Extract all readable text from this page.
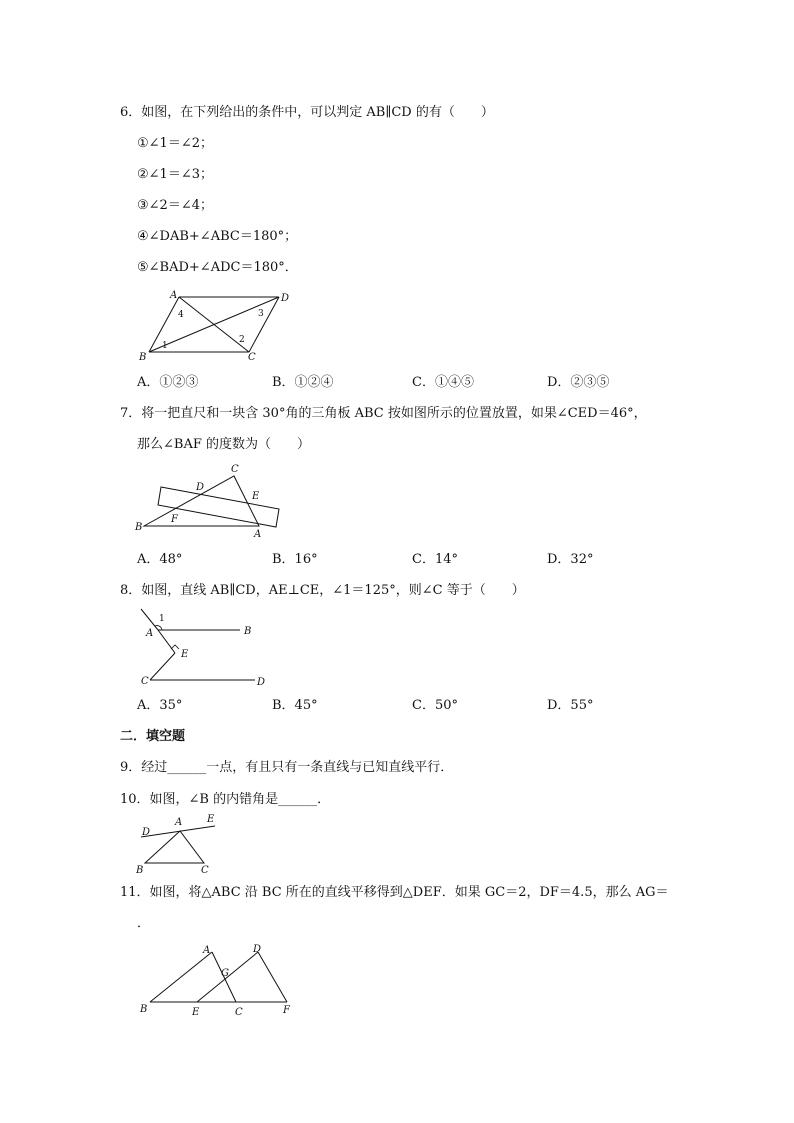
6．如图，在下列给出的条件中，可以判定 AB∥CD 的有（　　）
①∠1＝∠2；
②∠1＝∠3；
③∠2＝∠4；
④∠DAB+∠ABC＝180°；
⑤∠BAD+∠ADC＝180°．
A	D
B	C
1
2
3
4
A．①②③	B．①②④	C．①④⑤	D．②③⑤
7．将一把直尺和一块含 30°角的三角板 ABC 按如图所示的位置放置，如果∠CED＝46°，
那么∠BAF 的度数为（　　）
B
C
A
D
E
F
A．48°	B．16°	C．14°	D．32°
8．如图，直线 AB∥CD，AE⊥CE，∠1＝125°，则∠C 等于（　　）
1
A	B
E
C	D
A．35°	B．45°	C．50°	D．55°
二．填空题
9．经过______一点，有且只有一条直线与已知直线平行．
10．如图，∠B 的内错角是______．
D
A E
B	C
11．如图，将△ABC 沿 BC 所在的直线平移得到△DEF．如果 GC＝2，DF＝4.5，那么 AG＝
．
A	D
G
B	E	C	F
